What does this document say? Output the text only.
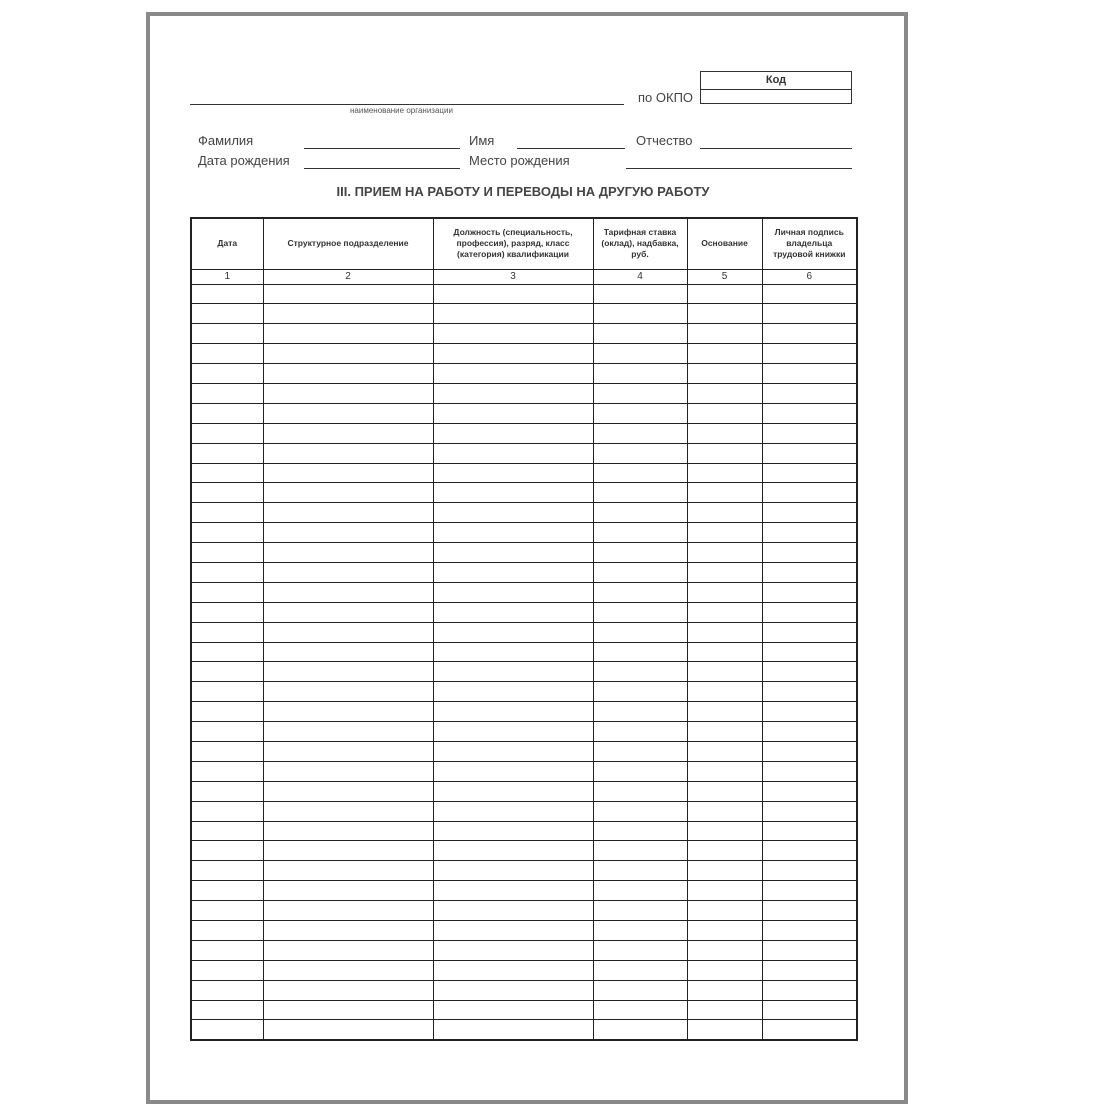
наименование организации
по ОКПО
Код
Фамилия	Имя	Отчество
Дата рождения	Место рождения
III. ПРИЕМ НА РАБОТУ И ПЕРЕВОДЫ НА ДРУГУЮ РАБОТУ
Дата	Структурное подразделение	Должность (специальность, профессия), разряд, класс (категория) квалификации	Тарифная ставка (оклад), надбавка, руб.	Основание	Личная подпись владельца трудовой книжки
1	2	3	4	5	6
